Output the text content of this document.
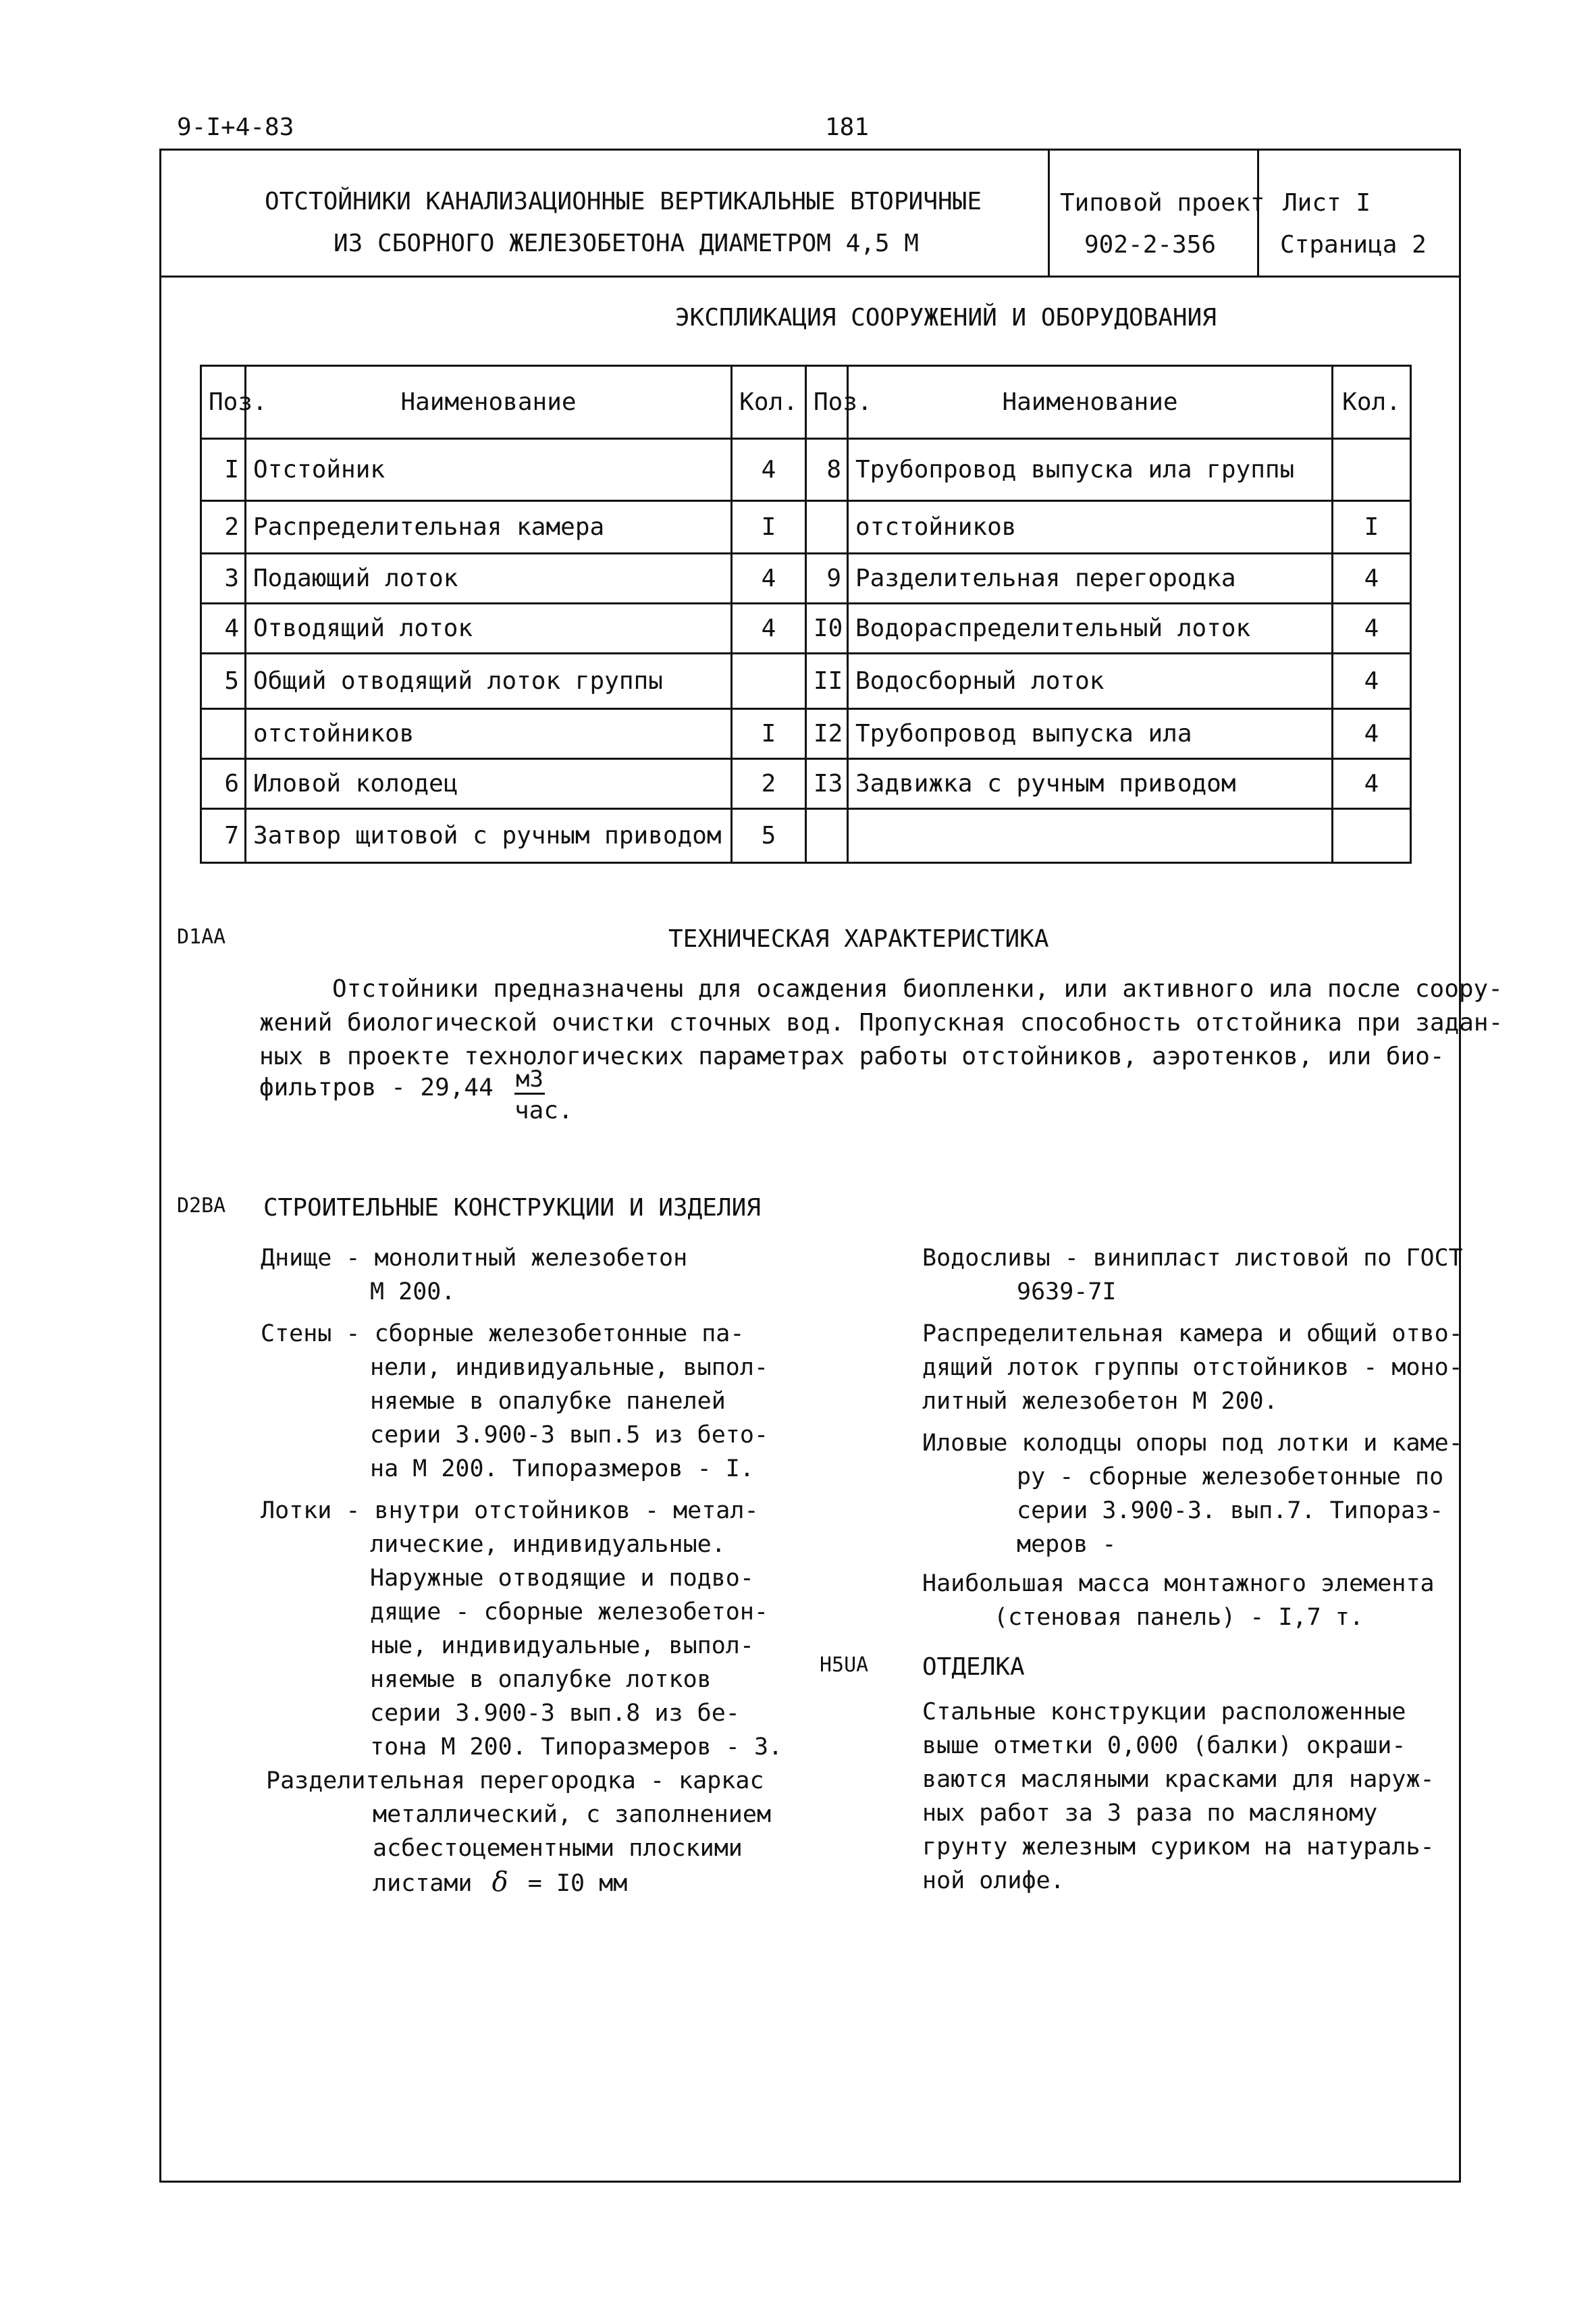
9-I+4-83	181
ОТСТОЙНИКИ КАНАЛИЗАЦИОННЫЕ ВЕРТИКАЛЬНЫЕ ВТОРИЧНЫЕ
ИЗ СБОРНОГО ЖЕЛЕЗОБЕТОНА ДИАМЕТРОМ 4,5 М
Типовой проект
902-2-356
Лист I
Страница 2
ЭКСПЛИКАЦИЯ СООРУЖЕНИЙ И ОБОРУДОВАНИЯ
Поз.	Наименование	Кол.	Поз.	Наименование	Кол.
I	Отстойник	4	8	Трубопровод выпуска ила группы	
2	Распределительная камера	I		отстойников	I
3	Подающий лоток	4	9	Разделительная перегородка	4
4	Отводящий лоток	4	I0	Водораспределительный лоток	4
5	Общий отводящий лоток группы		II	Водосборный лоток	4
	отстойников	I	I2	Трубопровод выпуска ила	4
6	Иловой колодец	2	I3	Задвижка с ручным приводом	4
7	Затвор щитовой с ручным приводом	5			
D1AA	ТЕХНИЧЕСКАЯ ХАРАКТЕРИСТИКА
Отстойники предназначены для осаждения биопленки, или активного ила после соору-
жений биологической очистки сточных вод. Пропускная способность отстойника при задан-
ных в проекте технологических параметрах работы отстойников, аэротенков, или био-
фильтров - 29,44 м3
час.
D2BA СТРОИТЕЛЬНЫЕ КОНСТРУКЦИИ И ИЗДЕЛИЯ
Днище - монолитный железобетон
М 200.
Стены - сборные железобетонные па-
нели, индивидуальные, выпол-
няемые в опалубке панелей
серии 3.900-3 вып.5 из бето-
на М 200. Типоразмеров - I.
Лотки - внутри отстойников - метал-
лические, индивидуальные.
Наружные отводящие и подво-
дящие - сборные железобетон-
ные, индивидуальные, выпол-
няемые в опалубке лотков
серии 3.900-3 вып.8 из бе-
тона М 200. Типоразмеров - 3.
Разделительная перегородка - каркас
металлический, с заполнением
асбестоцементными плоскими
листами δ = I0 мм
Водосливы - винипласт листовой по ГОСТ
9639-7I
Распределительная камера и общий отво-
дящий лоток группы отстойников - моно-
литный железобетон М 200.
Иловые колодцы опоры под лотки и каме-
ру - сборные железобетонные по
серии 3.900-3. вып.7. Типораз-
меров -
Наибольшая масса монтажного элемента
(стеновая панель) - I,7 т.
H5UA ОТДЕЛКА
Стальные конструкции расположенные
выше отметки 0,000 (балки) окраши-
ваются масляными красками для наруж-
ных работ за 3 раза по масляному
грунту железным суриком на натураль-
ной олифе.
